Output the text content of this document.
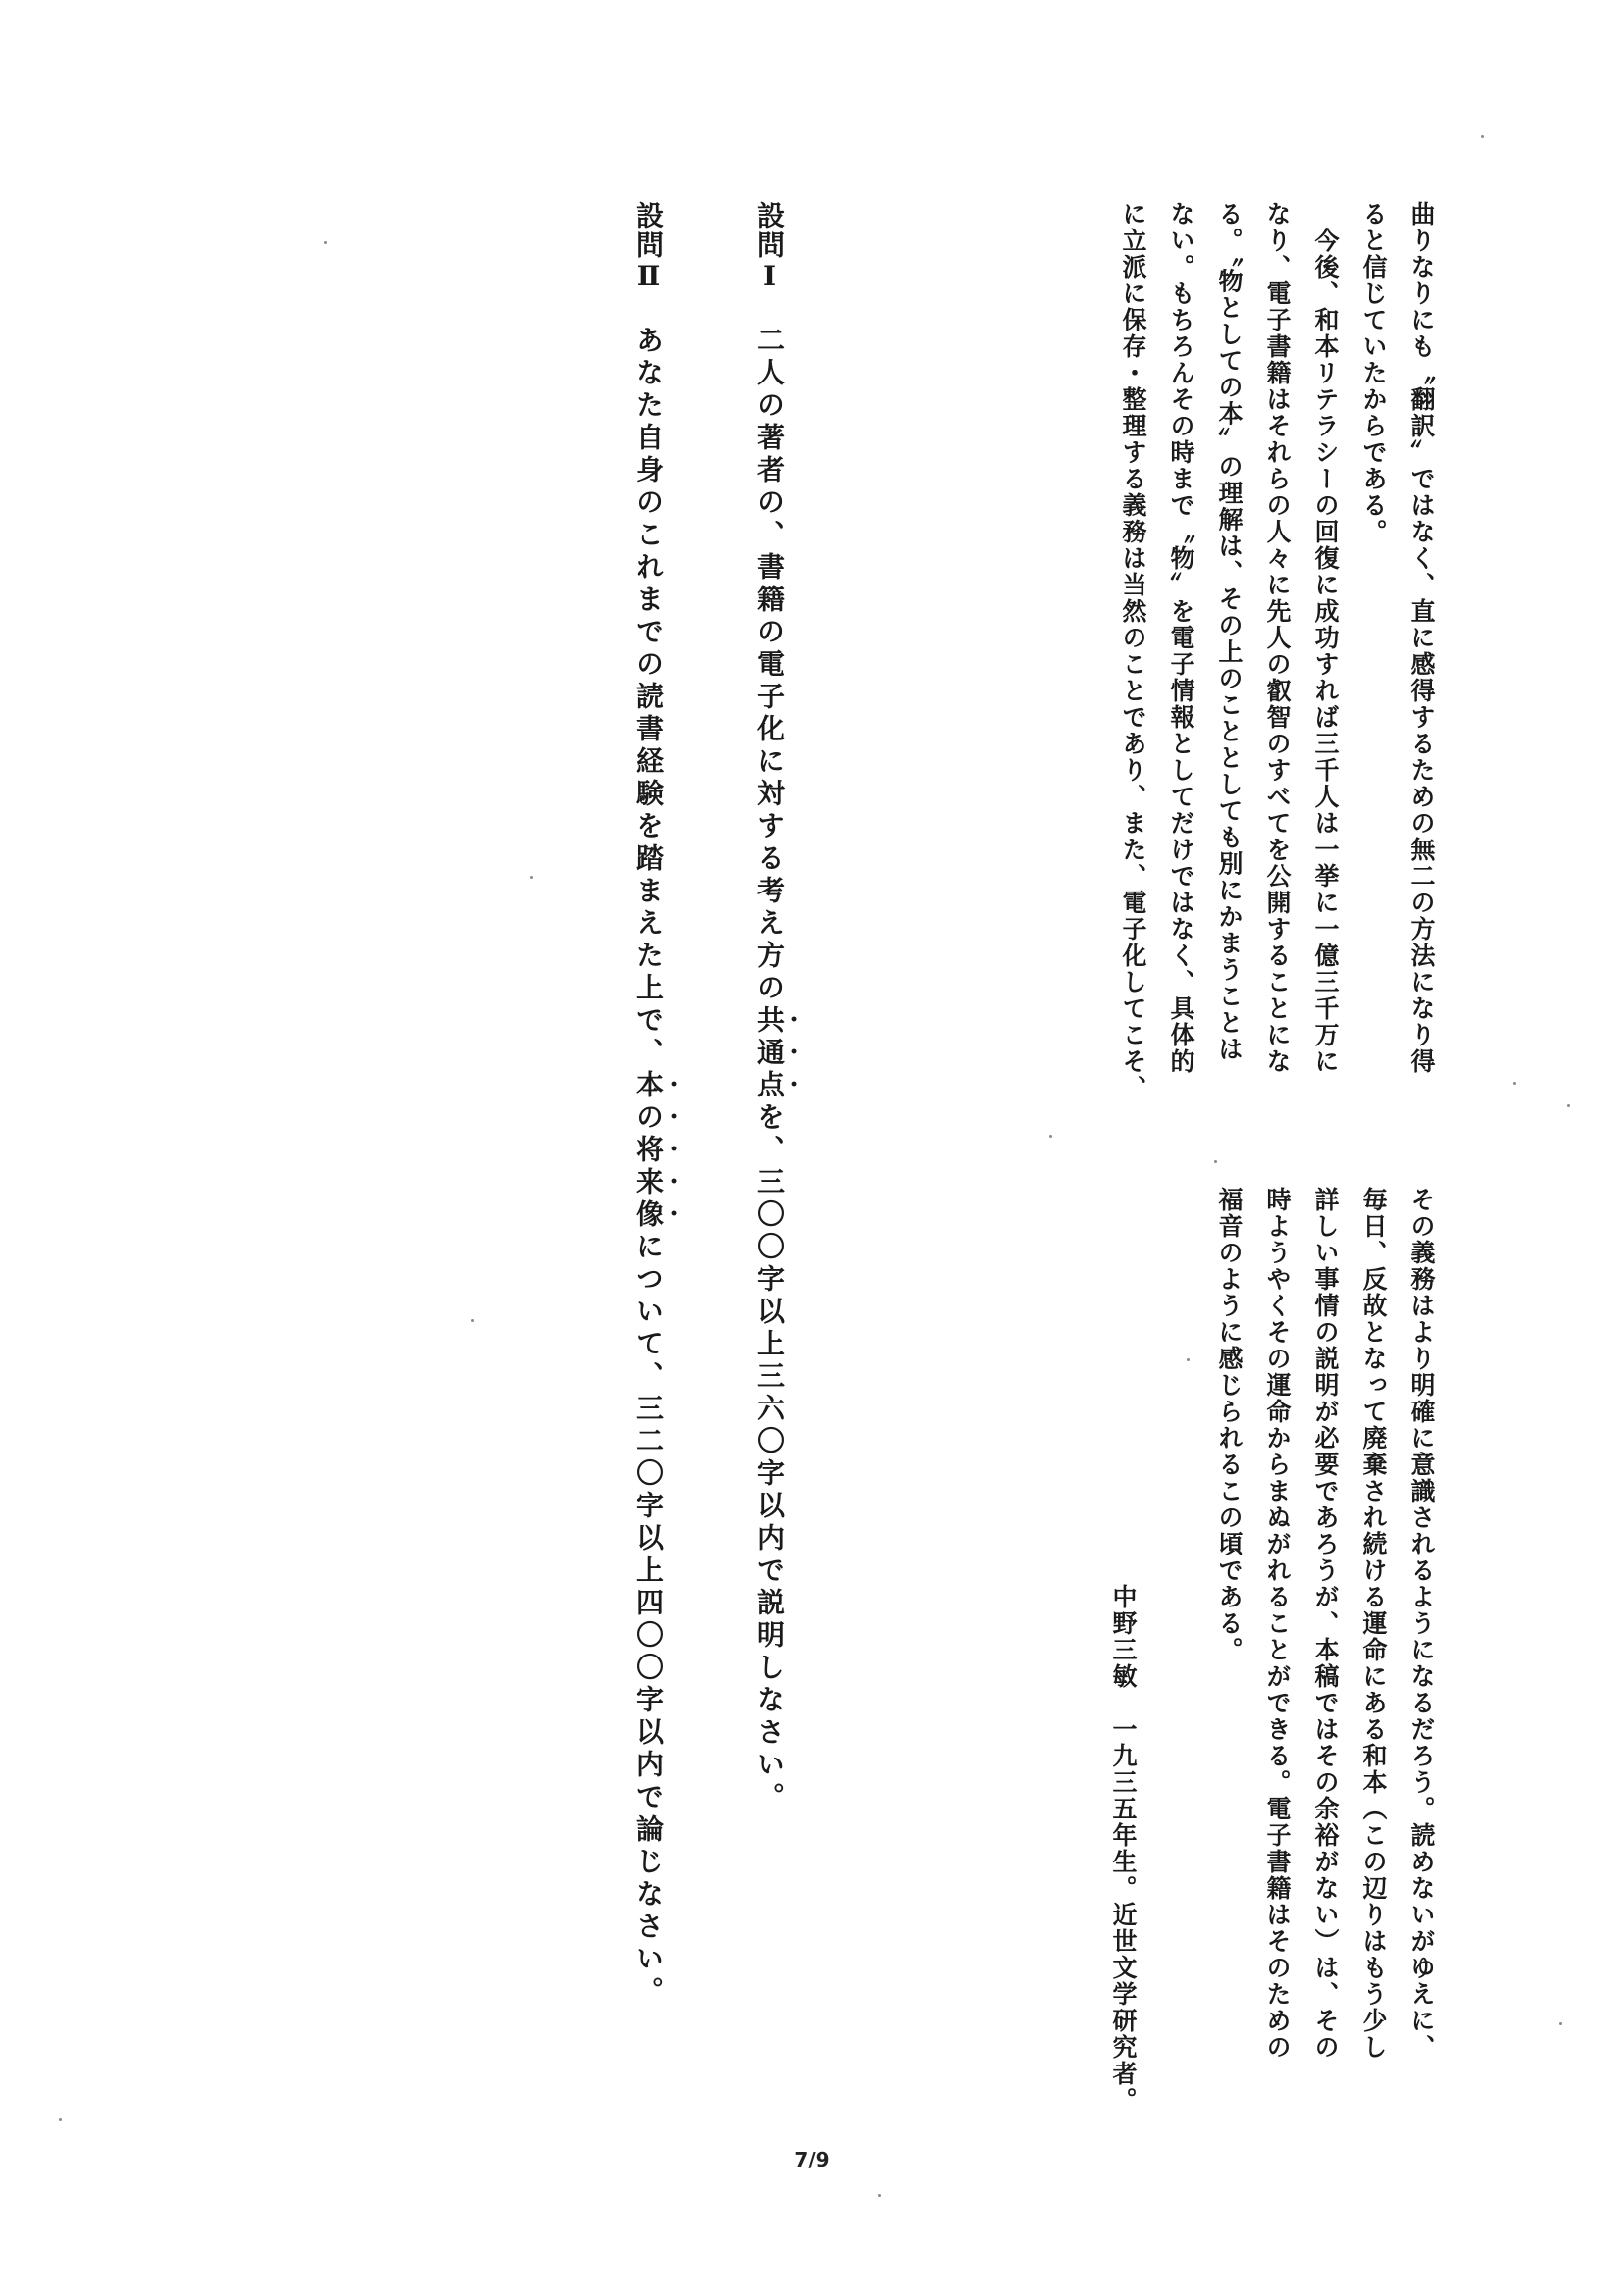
曲りなりにも〝翻訳〟ではなく、直に感得するための無二の方法になり得
ると信じていたからである。
　今後、和本リテラシーの回復に成功すれば三千人は一挙に一億三千万に
なり、電子書籍はそれらの人々に先人の叡智のすべてを公開することにな
る。〝物としての本〟の理解は、その上のこととしても別にかまうことは
ない。もちろんその時まで〝物〟を電子情報としてだけではなく、具体的
に立派に保存・整理する義務は当然のことであり、また、電子化してこそ、
その義務はより明確に意識されるようになるだろう。読めないがゆえに、
毎日、反故となって廃棄され続ける運命にある和本（この辺りはもう少し
詳しい事情の説明が必要であろうが、本稿ではその余裕がない）は、その
時ようやくその運命からまぬがれることができる。電子書籍はそのための
福音のように感じられるこの頃である。
中野三敏　一九三五年生。近世文学研究者。
設問Ⅰ二人の著者の、書籍の電子化に対する考え方の共通点を、三〇〇字以上三六〇字以内で説明しなさい。
設問Ⅱあなた自身のこれまでの読書経験を踏まえた上で、本の将来像について、三二〇字以上四〇〇字以内で論じなさい。
7/9
